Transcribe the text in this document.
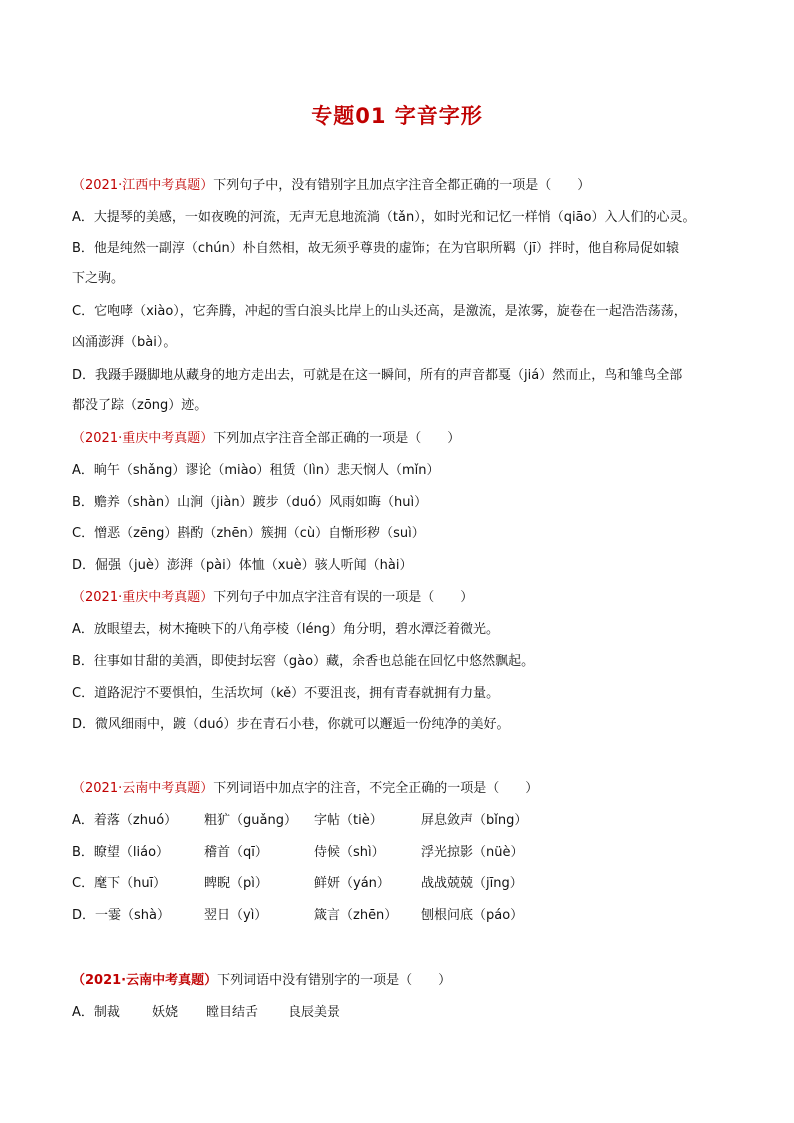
专题01 字音字形
（2021·江西中考真题）下列句子中，没有错别字且加点字注音全都正确的一项是（　　）
A．大提琴的美感，一如夜晚的河流，无声无息地流淌（tǎn），如时光和记忆一样悄（qiāo）入人们的心灵。
B．他是纯然一副淳（chún）朴自然相，故无须乎尊贵的虚饰；在为官职所羁（jī）拌时，他自称局促如辕
下之驹。
C．它咆哮（xiào），它奔腾，冲起的雪白浪头比岸上的山头还高，是激流，是浓雾，旋卷在一起浩浩荡荡，
凶涌澎湃（bài）。
D．我蹑手蹑脚地从藏身的地方走出去，可就是在这一瞬间，所有的声音都戛（jiá）然而止，鸟和雏鸟全部
都没了踪（zōng）迹。
（2021·重庆中考真题）下列加点字注音全部正确的一项是（　　）
A．晌午（shǎng）谬论（miào）租赁（lìn）悲天悯人（mǐn）
B．赡养（shàn）山涧（jiàn）踱步（duó）风雨如晦（huì）
C．憎恶（zēng）斟酌（zhēn）簇拥（cù）自惭形秽（suì）
D．倔强（juè）澎湃（pài）体恤（xuè）骇人听闻（hài）
（2021·重庆中考真题）下列句子中加点字注音有误的一项是（　　）
A．放眼望去，树木掩映下的八角亭棱（léng）角分明，碧水潭泛着微光。
B．往事如甘甜的美酒，即使封坛窖（gào）藏，余香也总能在回忆中悠然飘起。
C．道路泥泞不要惧怕，生活坎坷（kě）不要沮丧，拥有青春就拥有力量。
D．微风细雨中，踱（duó）步在青石小巷，你就可以邂逅一份纯净的美好。
（2021·云南中考真题）下列词语中加点字的注音，不完全正确的一项是（　　）
A．着落（zhuó）	粗犷（guǎng）	字帖（tiè）	屏息敛声（bǐng）
B．瞭望（liáo）	稽首（qī）	侍候（shì）	浮光掠影（nüè）
C．麾下（huī）	睥睨（pì）	鲜妍（yán）	战战兢兢（jīng）
D．一霎（shà）	翌日（yì）	箴言（zhēn）	刨根问底（páo）
（2021·云南中考真题）下列词语中没有错别字的一项是（　　）
A．制裁	妖娆	瞠目结舌	良辰美景
